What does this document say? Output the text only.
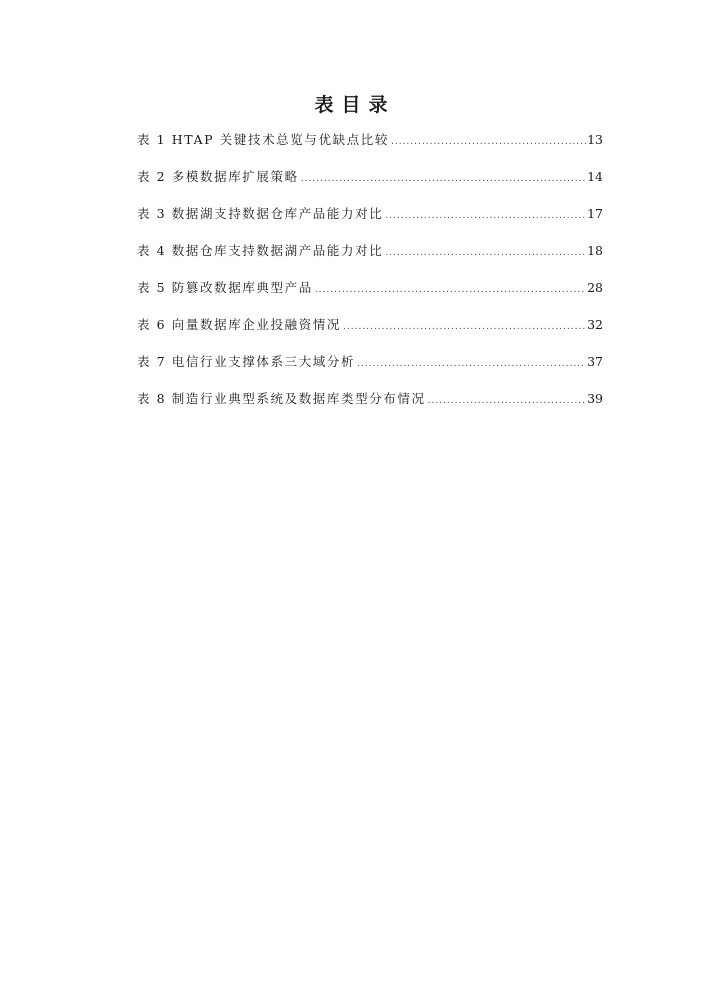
表目录
表 1 HTAP 关键技术总览与优缺点比较 .....	13
表 2 多模数据库扩展策略 .....	14
表 3 数据湖支持数据仓库产品能力对比 .....	17
表 4 数据仓库支持数据湖产品能力对比 .....	18
表 5 防篡改数据库典型产品 .....	28
表 6 向量数据库企业投融资情况 .....	32
表 7 电信行业支撑体系三大域分析 .....	37
表 8 制造行业典型系统及数据库类型分布情况 .....	39
